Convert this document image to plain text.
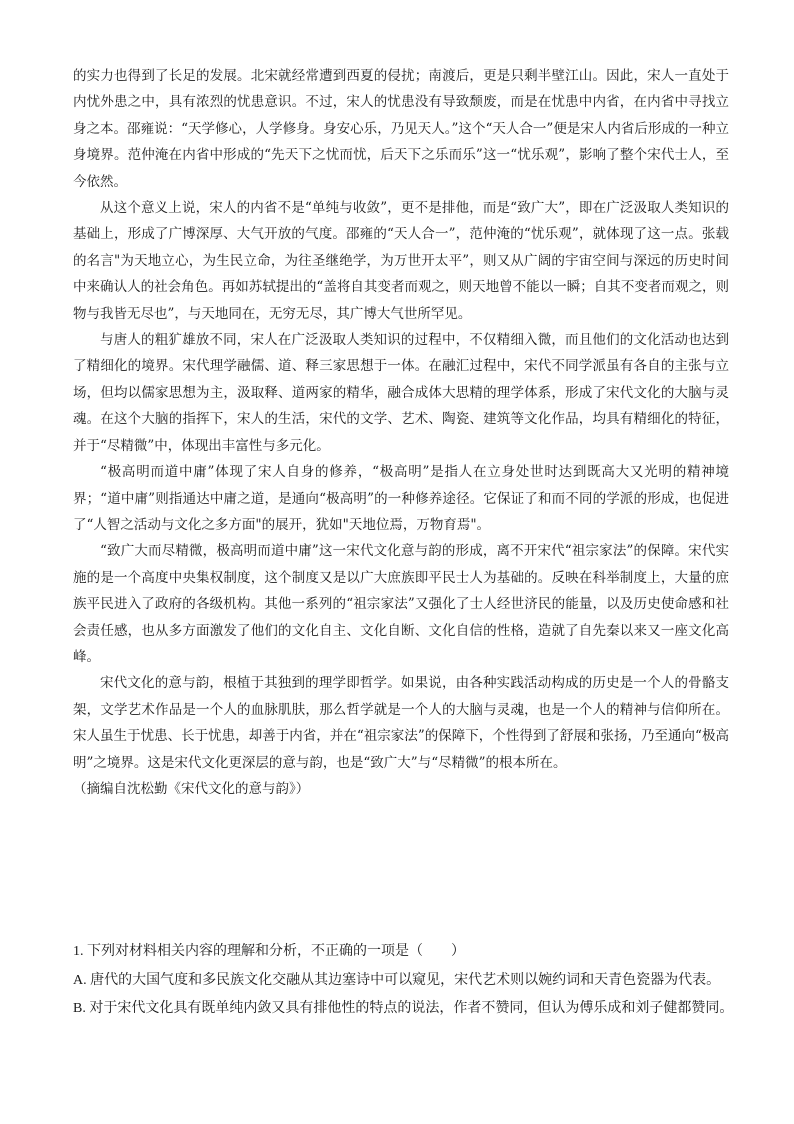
的实力也得到了长足的发展。北宋就经常遭到西夏的侵扰；南渡后，更是只剩半壁江山。因此，宋人一直处于内忧外患之中，具有浓烈的忧患意识。不过，宋人的忧患没有导致颓废，而是在忧患中内省，在内省中寻找立身之本。邵雍说：“天学修心，人学修身。身安心乐，乃见天人。”这个“天人合一”便是宋人内省后形成的一种立身境界。范仲淹在内省中形成的“先天下之忧而忧，后天下之乐而乐”这一“忧乐观”，影响了整个宋代士人，至今依然。

从这个意义上说，宋人的内省不是“单纯与收敛”，更不是排他，而是“致广大”，即在广泛汲取人类知识的基础上，形成了广博深厚、大气开放的气度。邵雍的“天人合一”，范仲淹的“忧乐观”，就体现了这一点。张载的名言"为天地立心，为生民立命，为往圣继绝学，为万世开太平”，则又从广阔的宇宙空间与深远的历史时间中来确认人的社会角色。再如苏轼提出的“盖将自其变者而观之，则天地曾不能以一瞬；自其不变者而观之，则物与我皆无尽也”，与天地同在，无穷无尽，其广博大气世所罕见。

与唐人的粗犷雄放不同，宋人在广泛汲取人类知识的过程中，不仅精细入微，而且他们的文化活动也达到了精细化的境界。宋代理学融儒、道、释三家思想于一体。在融汇过程中，宋代不同学派虽有各自的主张与立场，但均以儒家思想为主，汲取释、道两家的精华，融合成体大思精的理学体系，形成了宋代文化的大脑与灵魂。在这个大脑的指挥下，宋人的生活，宋代的文学、艺术、陶瓷、建筑等文化作品，均具有精细化的特征，并于“尽精微”中，体现出丰富性与多元化。

“极高明而道中庸”体现了宋人自身的修养，“极高明”是指人在立身处世时达到既高大又光明的精神境界；“道中庸”则指通达中庸之道，是通向“极高明”的一种修养途径。它保证了和而不同的学派的形成，也促进了“人智之活动与文化之多方面"的展开，犹如"天地位焉，万物育焉"。

“致广大而尽精微，极高明而道中庸”这一宋代文化意与韵的形成，离不开宋代“祖宗家法”的保障。宋代实施的是一个高度中央集权制度，这个制度又是以广大庶族即平民士人为基础的。反映在科举制度上，大量的庶族平民进入了政府的各级机构。其他一系列的“祖宗家法”又强化了士人经世济民的能量，以及历史使命感和社会责任感，也从多方面激发了他们的文化自主、文化自断、文化自信的性格，造就了自先秦以来又一座文化高峰。

宋代文化的意与韵，根植于其独到的理学即哲学。如果说，由各种实践活动构成的历史是一个人的骨骼支架，文学艺术作品是一个人的血脉肌肤，那么哲学就是一个人的大脑与灵魂，也是一个人的精神与信仰所在。宋人虽生于忧患、长于忧患，却善于内省，并在“祖宗家法”的保障下，个性得到了舒展和张扬，乃至通向“极高明”之境界。这是宋代文化更深层的意与韵，也是“致广大”与“尽精微”的根本所在。

（摘编自沈松勤《宋代文化的意与韵》）

1. 下列对材料相关内容的理解和分析，不正确的一项是（　　）

A. 唐代的大国气度和多民族文化交融从其边塞诗中可以窥见，宋代艺术则以婉约词和天青色瓷器为代表。

B. 对于宋代文化具有既单纯内敛又具有排他性的特点的说法，作者不赞同，但认为傅乐成和刘子健都赞同。
